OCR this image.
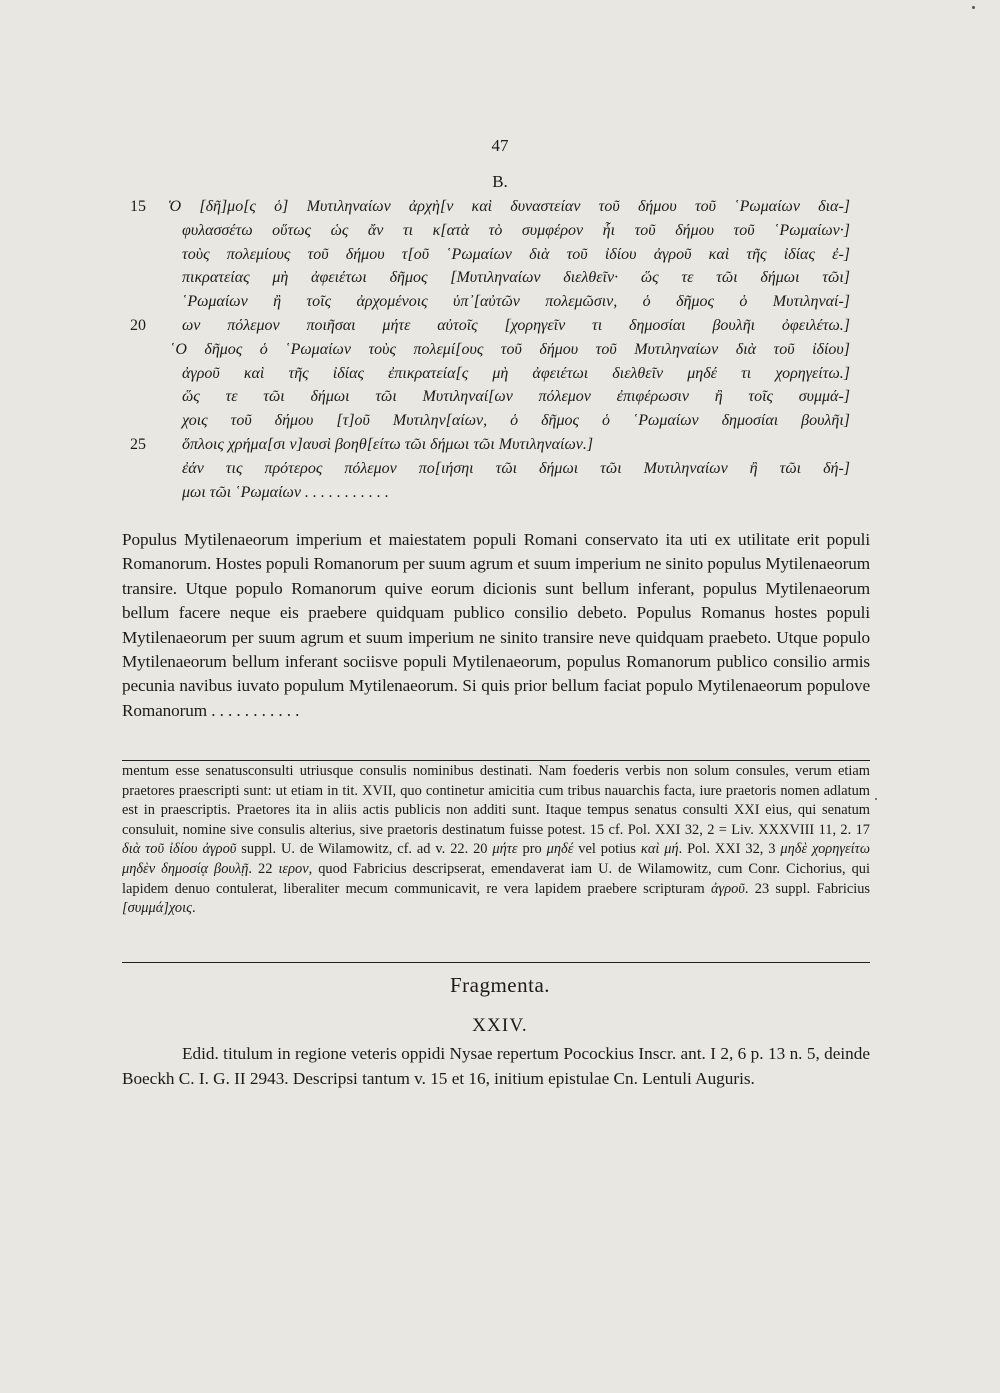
47
B.
15 Ὁ [δῆ]μο[ς ὁ] Μυτιληναίων ἀρχὴ[ν καὶ δυναστείαν τοῦ δήμου τοῦ ῾Ρωμαίων δια-]
φυλασσέτω οὕτως ὡς ἄν τι κ[ατὰ τὸ συμφέρον ἧι τοῦ δήμου τοῦ ῾Ρωμαίων·]
τοὺς πολεμίους τοῦ δήμου τ[οῦ ῾Ρωμαίων διὰ τοῦ ἰδίου ἀγροῦ καὶ τῆς ἰδίας ἐ-]
πικρατείας μὴ ἀφειέτωι δῆμος [Μυτιληναίων διελθεῖν· ὥς τε τῶι δήμωι τῶι]
῾Ρωμαίων ἢ τοῖς ἀρχομένοις ὑπ᾽[αὐτῶν πολεμῶσιν, ὁ δῆμος ὁ Μυτιληναί-]
20 ων πόλεμον ποιῆσαι μήτε αὐτοῖς [χορηγεῖν τι δημοσίαι βουλῆι ὀφειλέτω.]
῾Ο δῆμος ὁ ῾Ρωμαίων τοὺς πολεμί[ους τοῦ δήμου τοῦ Μυτιληναίων διὰ τοῦ ἰδίου]
ἀγροῦ καὶ τῆς ἰδίας ἐπικρατεία[ς μὴ ἀφειέτωι διελθεῖν μηδέ τι χορηγείτω.]
ὥς τε τῶι δήμωι τῶι Μυτιληναί[ων πόλεμον ἐπιφέρωσιν ἢ τοῖς συμμά-]
χοις τοῦ δήμου [τ]οῦ Μυτιλην[αίων, ὁ δῆμος ὁ ῾Ρωμαίων δημοσίαι βουλῆι]
25 ὅπλοις χρήμα[σι ν]αυσὶ βοηθ[είτω τῶι δήμωι τῶι Μυτιληναίων.]
ἐάν τις πρότερος πόλεμον πο[ιήσηι τῶι δήμωι τῶι Μυτιληναίων ἢ τῶι δή-]
μωι τῶι ῾Ρωμαίων . . . . . . . . . . .
Populus Mytilenaeorum imperium et maiestatem populi Romani conservato ita uti ex utilitate erit populi Romanorum. Hostes populi Romanorum per suum agrum et suum imperium ne sinito populus Mytilenaeorum transire. Utque populo Romanorum quive eorum dicionis sunt bellum inferant, populus Mytilenaeorum bellum facere neque eis praebere quidquam publico consilio debeto. Populus Romanus hostes populi Mytilenaeorum per suum agrum et suum imperium ne sinito transire neve quidquam praebeto. Utque populo Mytilenaeorum bellum inferant sociisve populi Mytilenaeorum, populus Romanorum publico consilio armis pecunia navibus iuvato populum Mytilenaeorum. Si quis prior bellum faciat populo Mytilenaeorum populove Romanorum . . . . . . . . . . .
mentum esse senatusconsulti utriusque consulis nominibus destinati. Nam foederis verbis non solum consules, verum etiam praetores praescripti sunt: ut etiam in tit. XVII, quo continetur amicitia cum tribus nauarchis facta, iure praetoris nomen adlatum est in praescriptis. Praetores ita in aliis actis publicis non additi sunt. Itaque tempus senatus consulti XXI eius, qui senatum consuluit, nomine sive consulis alterius, sive praetoris destinatum fuisse potest. 15 cf. Pol. XXI 32, 2 = Liv. XXXVIII 11, 2. 17 διὰ τοῦ ἰδίου ἀγροῦ suppl. U. de Wilamowitz, cf. ad v. 22. 20 μήτε pro μηδέ vel potius καὶ μή. Pol. XXI 32, 3 μηδὲ χορηγείτω μηδὲν δημοσίᾳ βουλῇ. 22 ιερον, quod Fabricius descripserat, emendaverat iam U. de Wilamowitz, cum Conr. Cichorius, qui lapidem denuo contulerat, liberaliter mecum communicavit, re vera lapidem praebere scripturam ἀγροῦ. 23 suppl. Fabricius [συμμά]χοις.
Fragmenta.
XXIV.
Edid. titulum in regione veteris oppidi Nysae repertum Pocockius Inscr. ant. I 2, 6 p. 13 n. 5, deinde Boeckh C. I. G. II 2943. Descripsi tantum v. 15 et 16, initium epistulae Cn. Lentuli Auguris.
